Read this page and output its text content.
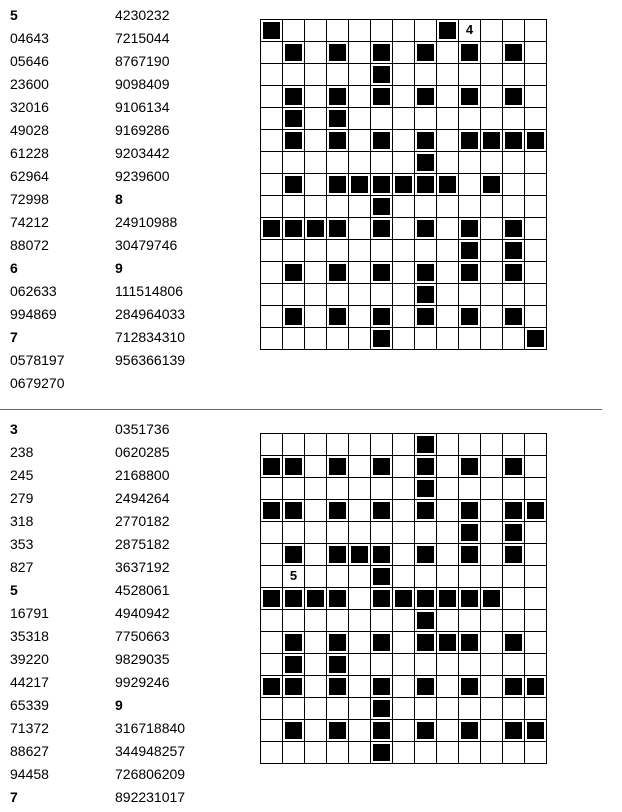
5
04643
05646
23600
32016
49028
61228
62964
72998
74212
88072
6
062633
994869
7
0578197
0679270
4230232
7215044
8767190
9098409
9106134
9169286
9203442
9239600
8
24910988
30479746
9
111514806
284964033
712834310
956366139

									4			

3
238
245
279
318
353
827
5
16791
35318
39220
44217
65339
71372
88627
94458
7
0351736
0620285
2168800
2494264
2770182
2875182
3637192
4528061
4940942
7750663
9829035
9929246
9
316718840
344948257
726806209
892231017

	5											
